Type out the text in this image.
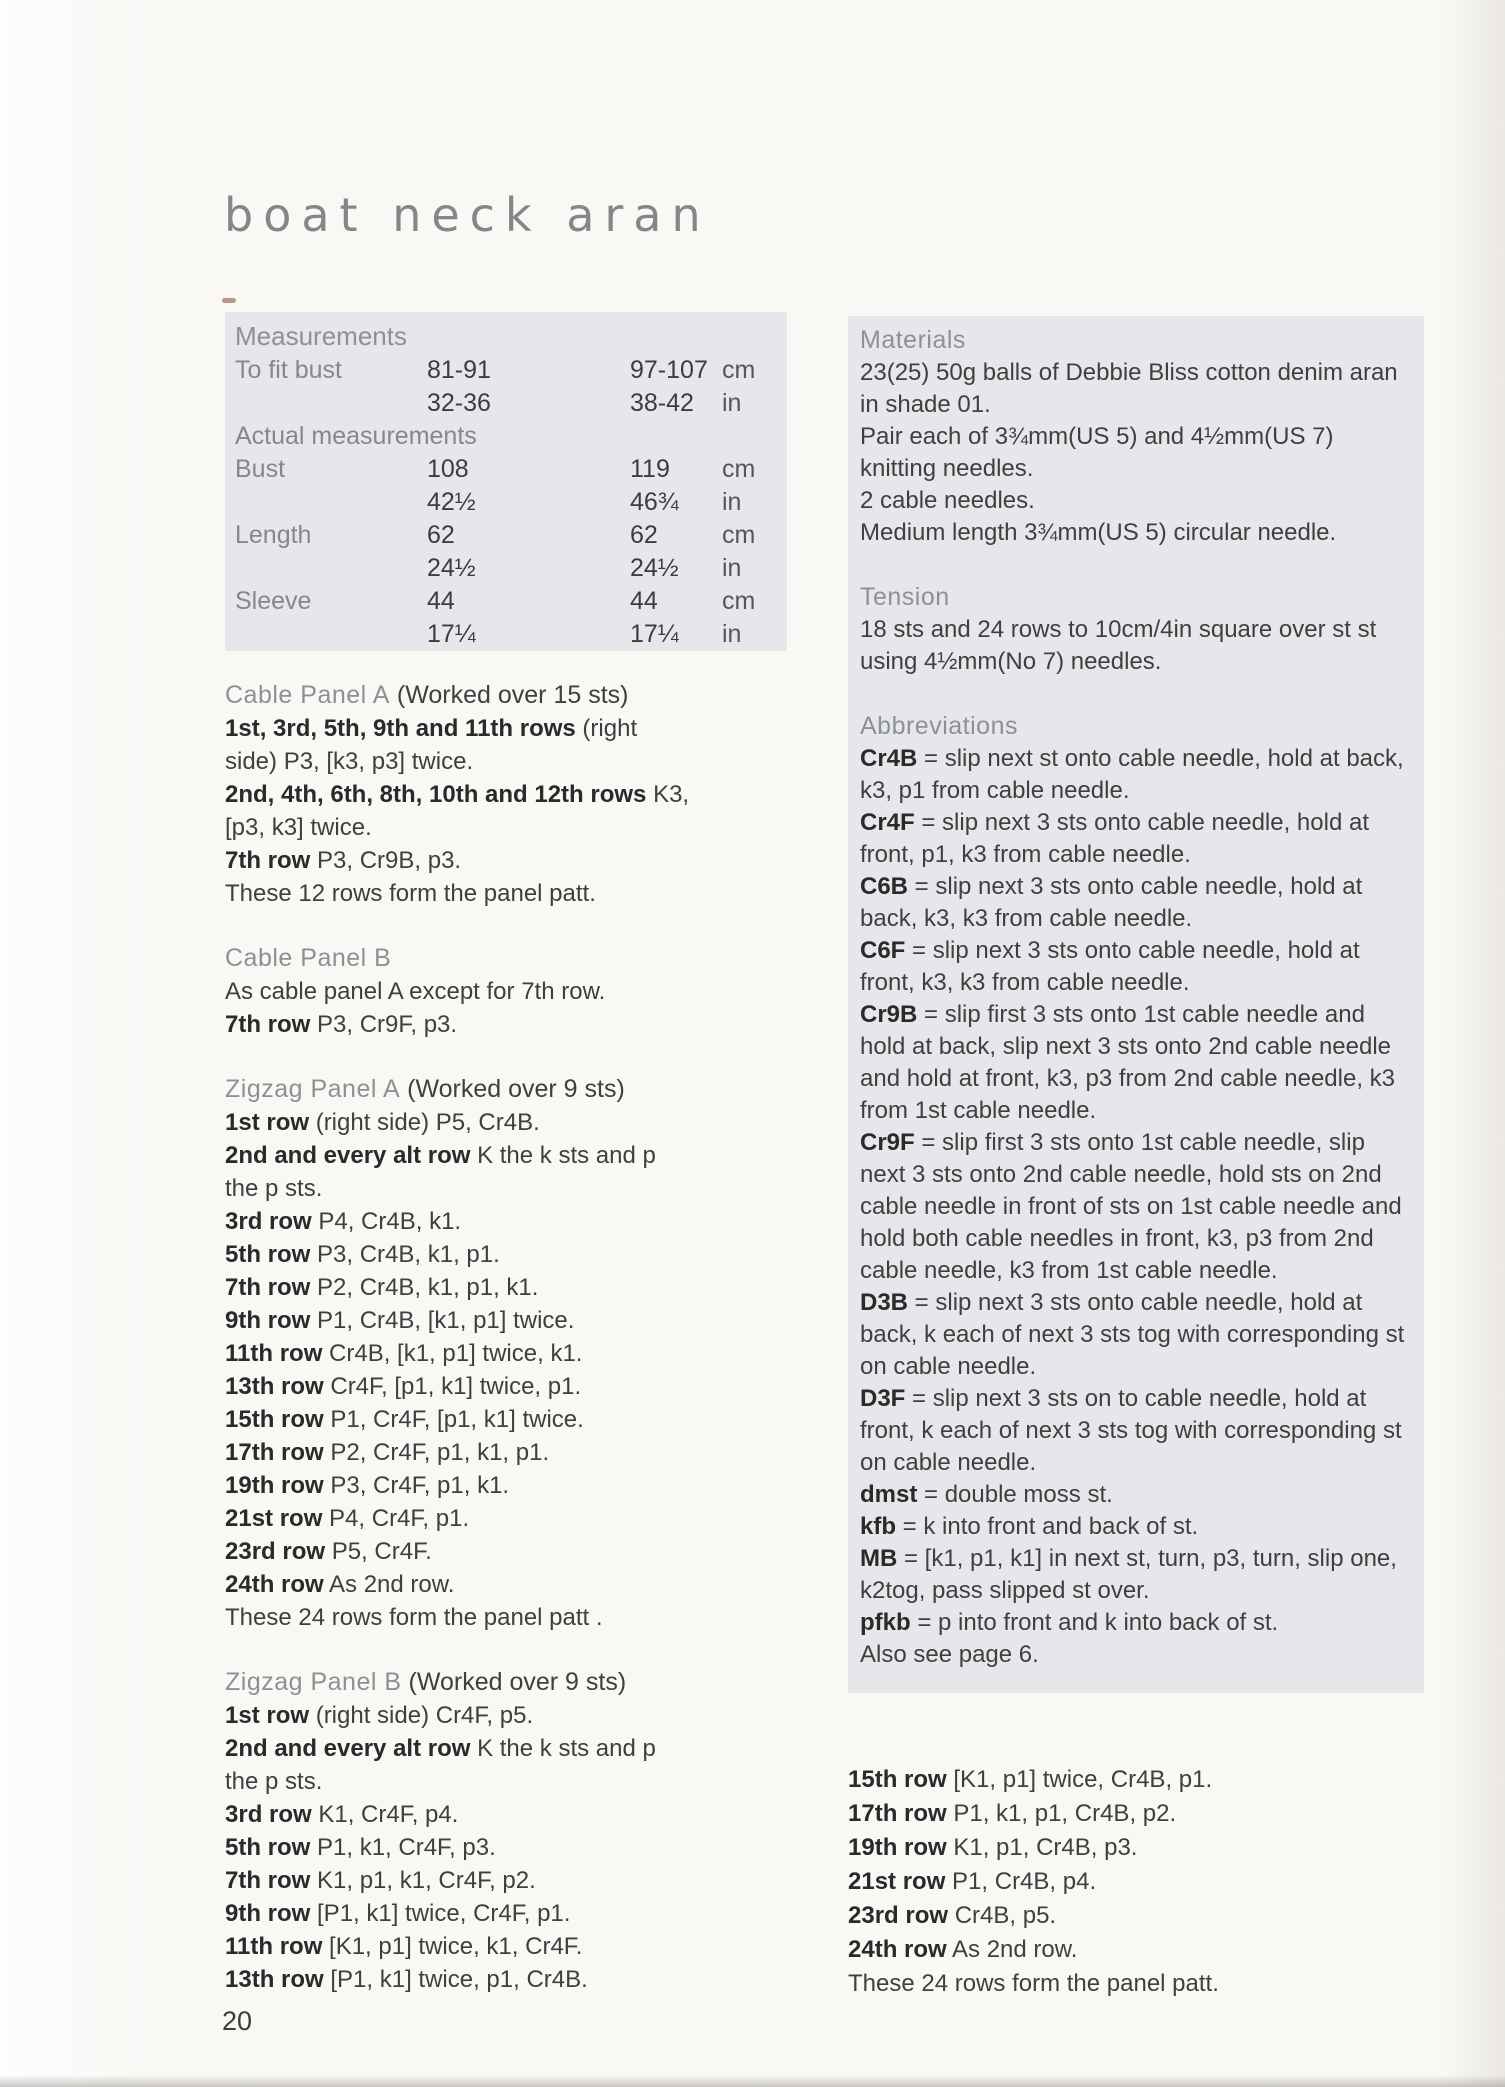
boat neck aran
Measurements
To fit bust	81-91	97-107 cm
32-36	38-42	in
Actual measurements
Bust	108	119	cm
42½	46¾	in
Length	62	62	cm
24½	24½	in
Sleeve	44	44	cm
17¼	17¼	in
Cable Panel A (Worked over 15 sts)

1st, 3rd, 5th, 9th and 11th rows (right side) P3, [k3, p3] twice.

2nd, 4th, 6th, 8th, 10th and 12th rows K3, [p3, k3] twice.

7th row P3, Cr9B, p3.

These 12 rows form the panel patt.

Cable Panel B

As cable panel A except for 7th row.

7th row P3, Cr9F, p3.

Zigzag Panel A (Worked over 9 sts)

1st row (right side) P5, Cr4B.

2nd and every alt row K the k sts and p the p sts.

3rd row P4, Cr4B, k1.

5th row P3, Cr4B, k1, p1.

7th row P2, Cr4B, k1, p1, k1.

9th row P1, Cr4B, [k1, p1] twice.

11th row Cr4B, [k1, p1] twice, k1.

13th row Cr4F, [p1, k1] twice, p1.

15th row P1, Cr4F, [p1, k1] twice.

17th row P2, Cr4F, p1, k1, p1.

19th row P3, Cr4F, p1, k1.

21st row P4, Cr4F, p1.

23rd row P5, Cr4F.

24th row As 2nd row.

These 24 rows form the panel patt .

Zigzag Panel B (Worked over 9 sts)

1st row (right side) Cr4F, p5.

2nd and every alt row K the k sts and p the p sts.

3rd row K1, Cr4F, p4.

5th row P1, k1, Cr4F, p3.

7th row K1, p1, k1, Cr4F, p2.

9th row [P1, k1] twice, Cr4F, p1.

11th row [K1, p1] twice, k1, Cr4F.

13th row [P1, k1] twice, p1, Cr4B.

Materials

23(25) 50g balls of Debbie Bliss cotton denim aran in shade 01.

Pair each of 3¾mm(US 5) and 4½mm(US 7) knitting needles.

2 cable needles.

Medium length 3¾mm(US 5) circular needle.

Tension

18 sts and 24 rows to 10cm/4in square over st st using 4½mm(No 7) needles.

Abbreviations

Cr4B = slip next st onto cable needle, hold at back, k3, p1 from cable needle.

Cr4F = slip next 3 sts onto cable needle, hold at front, p1, k3 from cable needle.

C6B = slip next 3 sts onto cable needle, hold at back, k3, k3 from cable needle.

C6F = slip next 3 sts onto cable needle, hold at front, k3, k3 from cable needle.

Cr9B = slip first 3 sts onto 1st cable needle and hold at back, slip next 3 sts onto 2nd cable needle and hold at front, k3, p3 from 2nd cable needle, k3 from 1st cable needle.

Cr9F = slip first 3 sts onto 1st cable needle, slip next 3 sts onto 2nd cable needle, hold sts on 2nd cable needle in front of sts on 1st cable needle and hold both cable needles in front, k3, p3 from 2nd cable needle, k3 from 1st cable needle.

D3B = slip next 3 sts onto cable needle, hold at back, k each of next 3 sts tog with corresponding st on cable needle.

D3F = slip next 3 sts on to cable needle, hold at front, k each of next 3 sts tog with corresponding st on cable needle.

dmst = double moss st.

kfb = k into front and back of st.

MB = [k1, p1, k1] in next st, turn, p3, turn, slip one, k2tog, pass slipped st over.

pfkb = p into front and k into back of st.

Also see page 6.

15th row [K1, p1] twice, Cr4B, p1.

17th row P1, k1, p1, Cr4B, p2.

19th row K1, p1, Cr4B, p3.

21st row P1, Cr4B, p4.

23rd row Cr4B, p5.

24th row As 2nd row.

These 24 rows form the panel patt.

20
